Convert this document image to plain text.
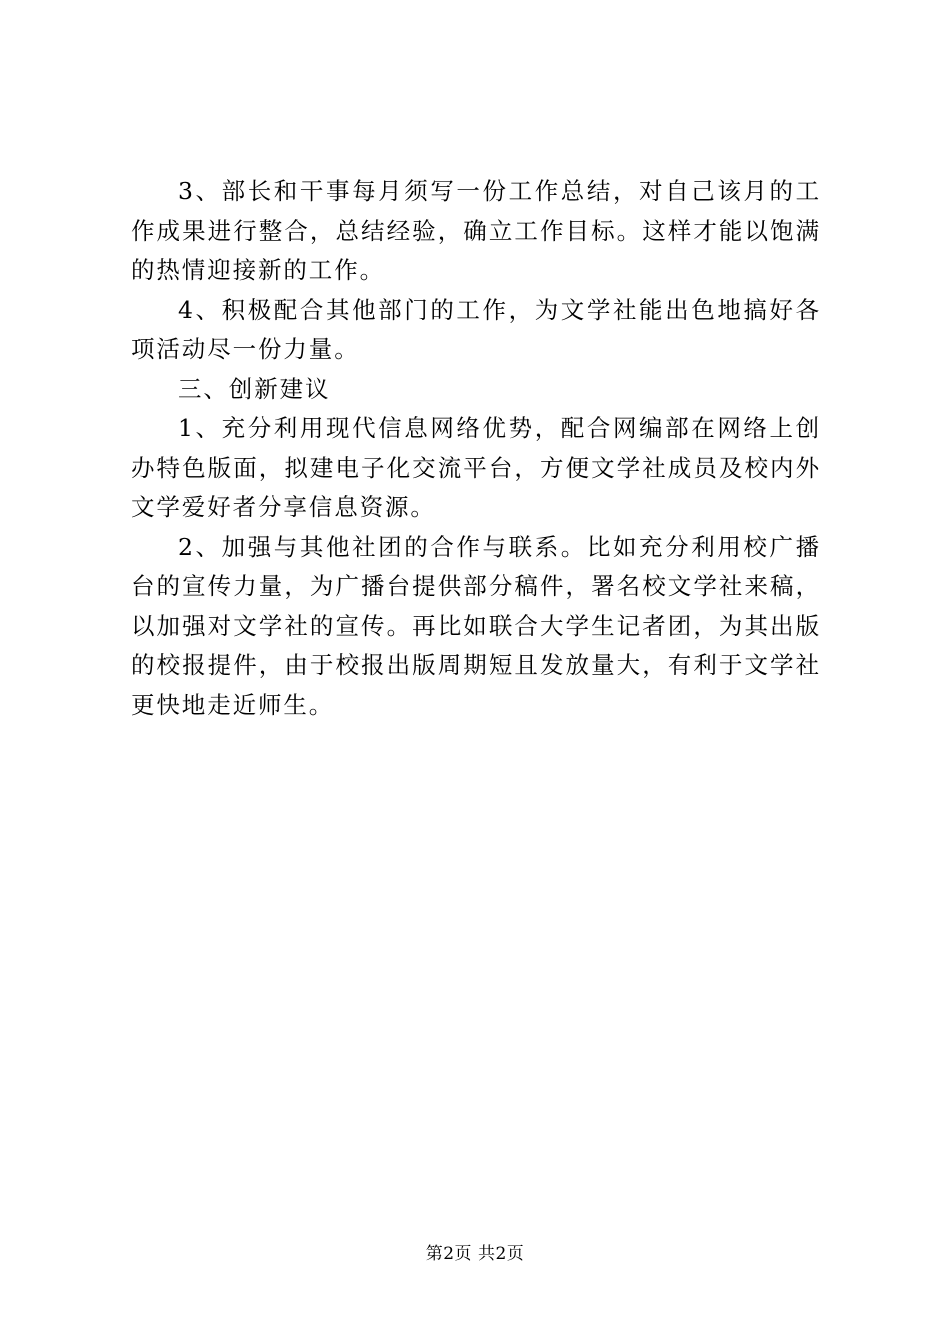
3、部长和干事每月须写一份工作总结，对自己该月的工作成果进行整合，总结经验，确立工作目标。这样才能以饱满的热情迎接新的工作。

4、积极配合其他部门的工作，为文学社能出色地搞好各项活动尽一份力量。

三、创新建议

1、充分利用现代信息网络优势，配合网编部在网络上创办特色版面，拟建电子化交流平台，方便文学社成员及校内外文学爱好者分享信息资源。

2、加强与其他社团的合作与联系。比如充分利用校广播台的宣传力量，为广播台提供部分稿件，署名校文学社来稿，以加强对文学社的宣传。再比如联合大学生记者团，为其出版的校报提件，由于校报出版周期短且发放量大，有利于文学社更快地走近师生。

第2页 共2页
